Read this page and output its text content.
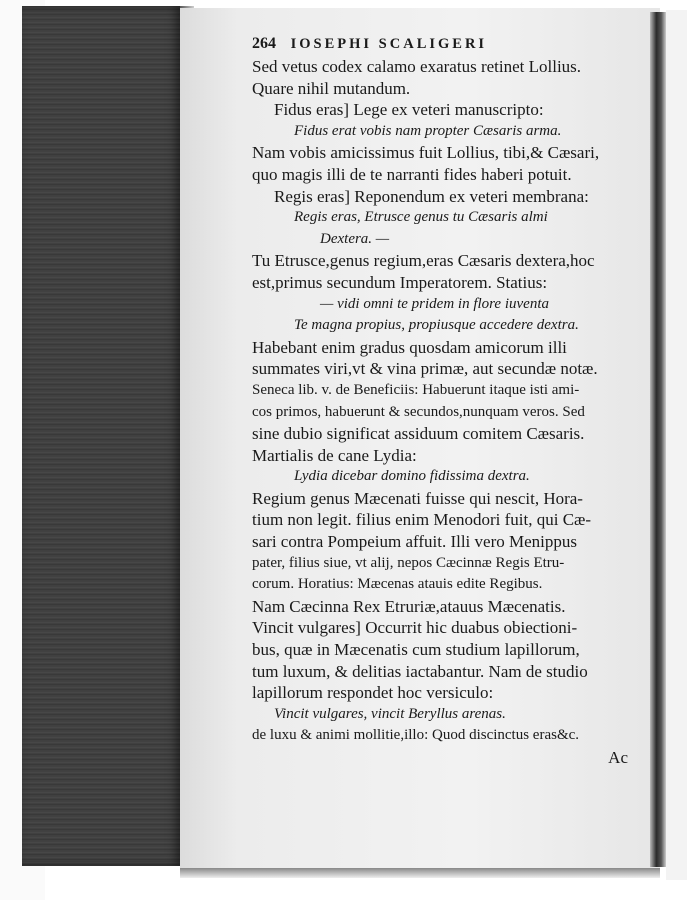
264 IOSEPHI SCALIGERI
Sed vetus codex calamo exaratus retinet Lollius.
Quare nihil mutandum.
Fidus eras] Lege ex veteri manuscripto:
Fidus erat vobis nam propter Cæsaris arma.
Nam vobis amicissimus fuit Lollius, tibi,& Cæsari,
quo magis illi de te narranti fides haberi potuit.
Regis eras] Reponendum ex veteri membrana:
Regis eras, Etrusce genus tu Cæsaris almi
Dextera. —
Tu Etrusce,genus regium,eras Cæsaris dextera,hoc
est,primus secundum Imperatorem. Statius:
— vidi omni te pridem in flore iuventa
Te magna propius, propiusque accedere dextra.
Habebant enim gradus quosdam amicorum illi
summates viri,vt & vina primæ, aut secundæ notæ.
Seneca lib. v. de Beneficiis: Habuerunt itaque isti ami-
cos primos, habuerunt & secundos,nunquam veros. Sed
sine dubio significat assiduum comitem Cæsaris.
Martialis de cane Lydia:
Lydia dicebar domino fidissima dextra.
Regium genus Mæcenati fuisse qui nescit, Hora-
tium non legit. filius enim Menodori fuit, qui Cæ-
sari contra Pompeium affuit. Illi vero Menippus
pater, filius siue, vt alij, nepos Cæcinnæ Regis Etru-
corum. Horatius: Mæcenas atauis edite Regibus.
Nam Cæcinna Rex Etruriæ,atauus Mæcenatis.
Vincit vulgares] Occurrit hic duabus obiectioni-
bus, quæ in Mæcenatis cum studium lapillorum,
tum luxum, & delitias iactabantur. Nam de studio
lapillorum respondet hoc versiculo:
Vincit vulgares, vincit Beryllus arenas.
de luxu & animi mollitie,illo: Quod discinctus eras&c.
Ac
